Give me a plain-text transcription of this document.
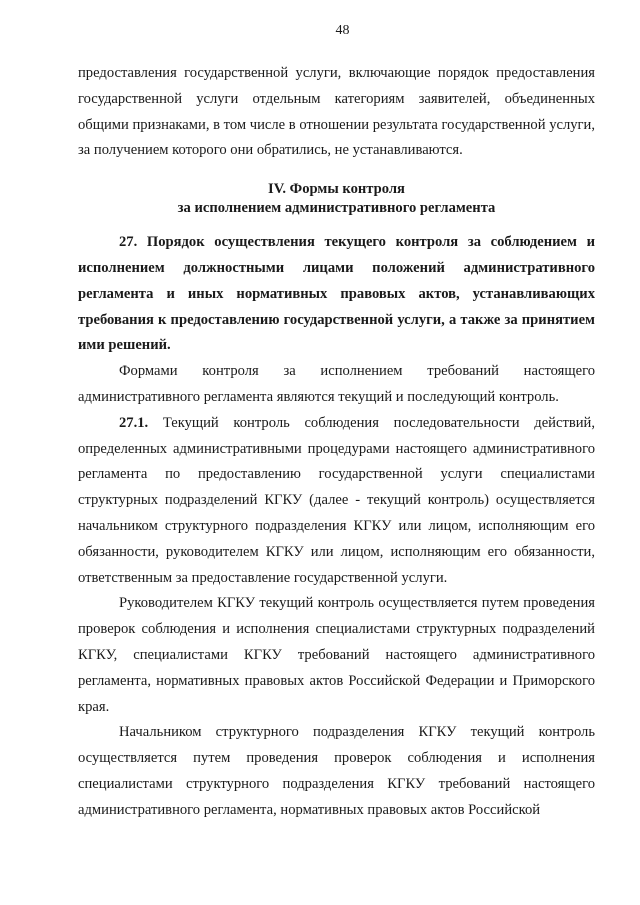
48

предоставления государственной услуги, включающие порядок предоставления государственной услуги отдельным категориям заявителей, объединенных общими признаками, в том числе в отношении результата государственной услуги, за получением которого они обратились, не устанавливаются.

IV. Формы контроля
за исполнением административного регламента

27. Порядок осуществления текущего контроля за соблюдением и исполнением должностными лицами положений административного регламента и иных нормативных правовых актов, устанавливающих требования к предоставлению государственной услуги, а также за принятием ими решений.

Формами контроля за исполнением требований настоящего административного регламента являются текущий и последующий контроль.

27.1. Текущий контроль соблюдения последовательности действий, определенных административными процедурами настоящего административного регламента по предоставлению государственной услуги специалистами структурных подразделений КГКУ (далее - текущий контроль) осуществляется начальником структурного подразделения КГКУ или лицом, исполняющим его обязанности, руководителем КГКУ или лицом, исполняющим его обязанности, ответственным за предоставление государственной услуги.

Руководителем КГКУ текущий контроль осуществляется путем проведения проверок соблюдения и исполнения специалистами структурных подразделений КГКУ, специалистами КГКУ требований настоящего административного регламента, нормативных правовых актов Российской Федерации и Приморского края.

Начальником структурного подразделения КГКУ текущий контроль осуществляется путем проведения проверок соблюдения и исполнения специалистами структурного подразделения КГКУ требований настоящего административного регламента, нормативных правовых актов Российской
